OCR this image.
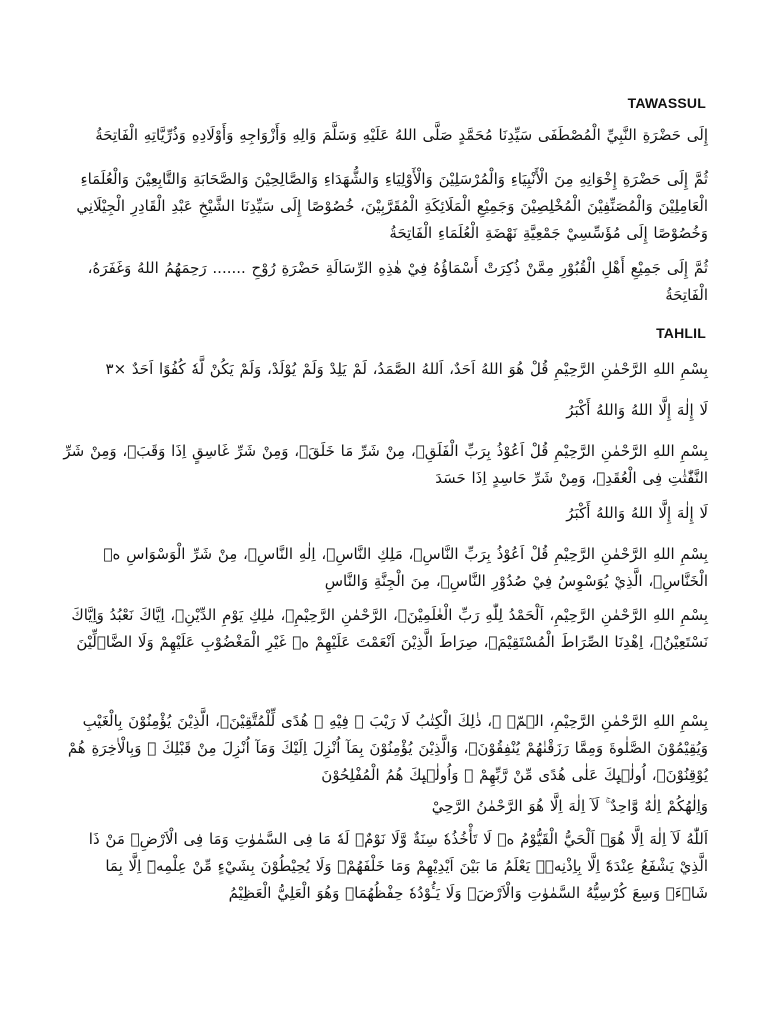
TAWASSUL

إِلَى حَضْرَةِ النَّبِيِّ الْمُصْطَفَى سَيِّدِنَا مُحَمَّدٍ صَلَّى اللهُ عَلَيْهِ وَسَلَّمَ وَالِهِ وَأَزْوَاجِهِ وَأَوْلَادِهِ وَذُرِّيَّاتِهِ الْفَاتِحَةُ

ثُمَّ إِلَى حَضْرَةِ إِخْوَانِهِ مِنَ الْأَنْبِيَاءِ وَالْمُرْسَلِيْنَ وَالْأَوْلِيَاءِ وَالشُّهَدَاءِ وَالصَّالِحِيْنَ وَالصَّحَابَةِ وَالتَّابِعِيْنَ وَالْعُلَمَاءِ الْعَامِلِيْنَ وَالْمُصَنِّفِيْنَ الْمُخْلِصِيْنَ وَجَمِيْعِ الْمَلَائِكَةِ الْمُقَرَّبِيْنَ، خُصُوْصًا إِلَى سَيِّدِنَا الشَّيْخِ عَبْدِ الْقَادِرِ الْجِيْلَانِي وَخُصُوْصًا إِلَى مُؤَسِّسِيْ جَمْعِيَّةِ نَهْضَةِ الْعُلَمَاءِ الْفَاتِحَةُ

ثُمَّ إِلَى جَمِيْعِ أَهْلِ الْقُبُوْرِ مِمَّنْ ذُكِرَتْ أَسْمَاؤُهُ فِيْ هٰذِهِ الرِّسَالَةِ حَضْرَةِ رُوْحِ ....... رَحِمَهُمُ اللهُ وَغَفَرَهُ، الْفَاتِحَةُ

TAHLIL

بِسْمِ اللهِ الرَّحْمٰنِ الرَّحِيْمِ قُلْ هُوَ اللهُ اَحَدٌ، اَللهُ الصَّمَدُ، لَمْ يَلِدْ وَلَمْ يُوْلَدْ، وَلَمْ يَكُنْ لَّهٗ كُفُوًا اَحَدٌ ×٣

لَا إِلٰهَ إِلَّا اللهُ وَاللهُ أَكْبَرُ

بِسْمِ اللهِ الرَّحْمٰنِ الرَّحِيْمِ قُلْ اَعُوْذُ بِرَبِّ الْفَلَقِۙ، مِنْ شَرِّ مَا خَلَقَۙ، وَمِنْ شَرِّ غَاسِقٍ اِذَا وَقَبَۙ، وَمِنْ شَرِّ النَّفّٰثٰتِ فِى الْعُقَدِۙ، وَمِنْ شَرِّ حَاسِدٍ اِذَا حَسَدَ

لَا إِلٰهَ إِلَّا اللهُ وَاللهُ أَكْبَرُ

بِسْمِ اللهِ الرَّحْمٰنِ الرَّحِيْمِ قُلْ اَعُوْذُ بِرَبِّ النَّاسِۙ، مَلِكِ النَّاسِۙ، اِلٰهِ النَّاسِۙ، مِنْ شَرِّ الْوَسْوَاسِ ەۙ الْخَنَّاسِۖ، الَّذِيْ يُوَسْوِسُ فِيْ صُدُوْرِ النَّاسِۙ، مِنَ الْجِنَّةِ وَالنَّاسِ

بِسْمِ اللهِ الرَّحْمٰنِ الرَّحِيْمِ، اَلْحَمْدُ لِلّٰهِ رَبِّ الْعٰلَمِيْنَۙ، الرَّحْمٰنِ الرَّحِيْمِۙ، مٰلِكِ يَوْمِ الدِّيْنِۗ، اِيَّاكَ نَعْبُدُ وَاِيَّاكَ نَسْتَعِيْنُۗ، اِهْدِنَا الصِّرَاطَ الْمُسْتَقِيْمَۙ، صِرَاطَ الَّذِيْنَ اَنْعَمْتَ عَلَيْهِمْ ەۙ غَيْرِ الْمَغْضُوْبِ عَلَيْهِمْ وَلَا الضَّاۤلِّيْنَ

بِسْمِ اللهِ الرَّحْمٰنِ الرَّحِيْمِ، الۤمّۤ ۚ، ذٰلِكَ الْكِتٰبُ لَا رَيْبَ ۛ فِيْهِ ۛ هُدًى لِّلْمُتَّقِيْنَۙ، الَّذِيْنَ يُؤْمِنُوْنَ بِالْغَيْبِ وَيُقِيْمُوْنَ الصَّلٰوةَ وَمِمَّا رَزَقْنٰهُمْ يُنْفِقُوْنَۙ، وَالَّذِيْنَ يُؤْمِنُوْنَ بِمَآ اُنْزِلَ اِلَيْكَ وَمَآ اُنْزِلَ مِنْ قَبْلِكَ ۚ وَبِالْاٰخِرَةِ هُمْ يُوْقِنُوْنَۗ، اُولٰۤىِٕكَ عَلٰى هُدًى مِّنْ رَّبِّهِمْ ۙ وَاُولٰۤىِٕكَ هُمُ الْمُفْلِحُوْنَ

وَاِلٰهُكُمْ اِلٰهٌ وَّاحِدٌ ۚ لَآ اِلٰهَ اِلَّا هُوَ الرَّحْمٰنُ الرَّحِيْ

اَللّٰهُ لَآ اِلٰهَ اِلَّا هُوَۚ اَلْحَيُّ الْقَيُّوْمُ ەۚ لَا تَأْخُذُهٗ سِنَةٌ وَّلَا نَوْمٌۗ لَهٗ مَا فِى السَّمٰوٰتِ وَمَا فِى الْاَرْضِۗ مَنْ ذَا الَّذِيْ يَشْفَعُ عِنْدَهٗٓ اِلَّا بِاِذْنِهٖۗ يَعْلَمُ مَا بَيْنَ اَيْدِيْهِمْ وَمَا خَلْفَهُمْۚ وَلَا يُحِيْطُوْنَ بِشَيْءٍ مِّنْ عِلْمِهٖٓ اِلَّا بِمَا شَاۤءَۚ وَسِعَ كُرْسِيُّهُ السَّمٰوٰتِ وَالْاَرْضَۚ وَلَا يَـُٔوْدُهٗ حِفْظُهُمَاۚ وَهُوَ الْعَلِيُّ الْعَظِيْمُ
